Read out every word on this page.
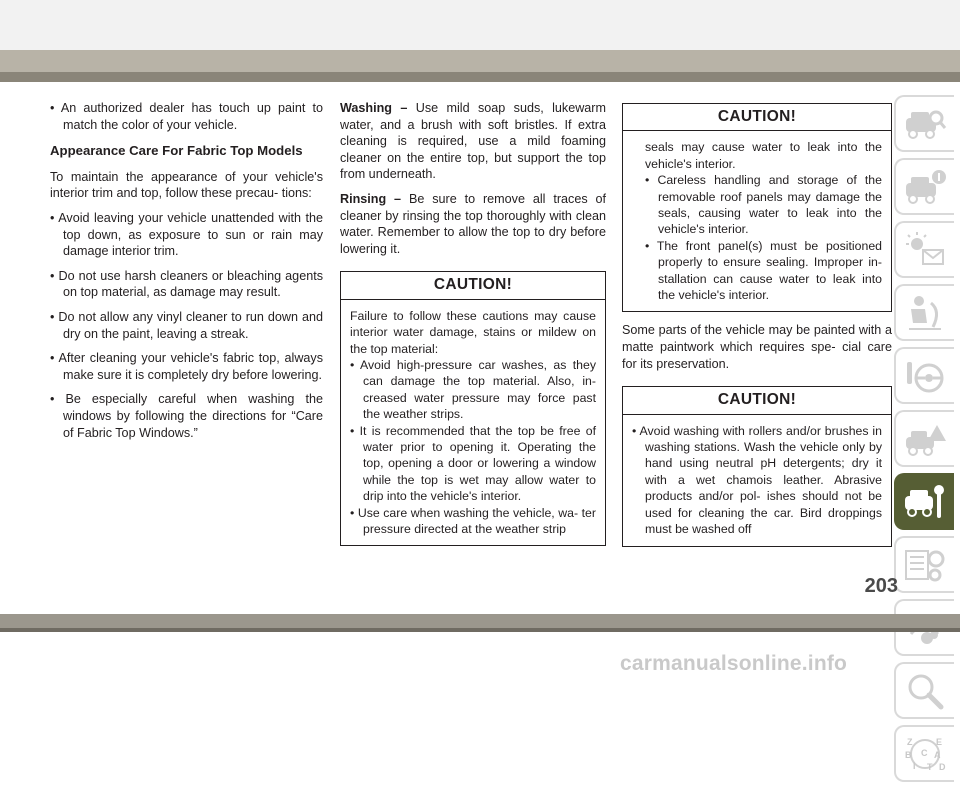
• An authorized dealer has touch up paint to match the color of your vehicle.

Appearance Care For Fabric Top Models

To maintain the appearance of your vehicle's interior trim and top, follow these precau- tions:

• Avoid leaving your vehicle unattended with the top down, as exposure to sun or rain may damage interior trim.

• Do not use harsh cleaners or bleaching agents on top material, as damage may result.

• Do not allow any vinyl cleaner to run down and dry on the paint, leaving a streak.

• After cleaning your vehicle's fabric top, always make sure it is completely dry before lowering.

• Be especially careful when washing the windows by following the directions for “Care of Fabric Top Windows.”

Washing – Use mild soap suds, lukewarm water, and a brush with soft bristles. If extra cleaning is required, use a mild foaming cleaner on the entire top, but support the top from underneath.

Rinsing – Be sure to remove all traces of cleaner by rinsing the top thoroughly with clean water. Remember to allow the top to dry before lowering it.

CAUTION!

Failure to follow these cautions may cause interior water damage, stains or mildew on the top material:

• Avoid high-pressure car washes, as they can damage the top material. Also, in- creased water pressure may force past the weather strips.

• It is recommended that the top be free of water prior to opening it. Operating the top, opening a door or lowering a window while the top is wet may allow water to drip into the vehicle's interior.

• Use care when washing the vehicle, wa- ter pressure directed at the weather strip

CAUTION!

seals may cause water to leak into the vehicle's interior.

• Careless handling and storage of the removable roof panels may damage the seals, causing water to leak into the vehicle's interior.

• The front panel(s) must be positioned properly to ensure sealing. Improper in- stallation can cause water to leak into the vehicle's interior.

Some parts of the vehicle may be painted with a matte paintwork which requires spe- cial care for its preservation.

CAUTION!

• Avoid washing with rollers and/or brushes in washing stations. Wash the vehicle only by hand using neutral pH detergents; dry it with a wet chamois leather. Abrasive products and/or pol- ishes should not be used for cleaning the car. Bird droppings must be washed off

Z	E
B	A
I
C
T D
203
carmanualsonline.info
